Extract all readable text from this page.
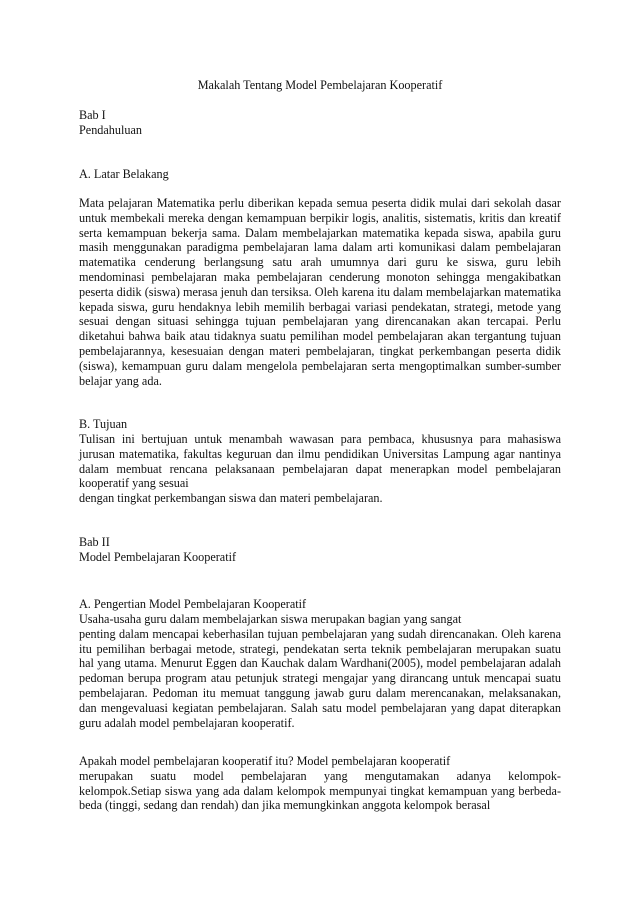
Makalah Tentang Model Pembelajaran Kooperatif
Bab I
Pendahuluan
A. Latar Belakang

Mata pelajaran Matematika perlu diberikan kepada semua peserta didik mulai dari sekolah dasar untuk membekali mereka dengan kemampuan berpikir logis, analitis, sistematis, kritis dan kreatif serta kemampuan bekerja sama. Dalam membelajarkan matematika kepada siswa, apabila guru masih menggunakan paradigma pembelajaran lama dalam arti komunikasi dalam pembelajaran matematika cenderung berlangsung satu arah umumnya dari guru ke siswa, guru lebih mendominasi pembelajaran maka pembelajaran cenderung monoton sehingga mengakibatkan peserta didik (siswa) merasa jenuh dan tersiksa. Oleh karena itu dalam membelajarkan matematika kepada siswa, guru hendaknya lebih memilih berbagai variasi pendekatan, strategi, metode yang sesuai dengan situasi sehingga tujuan pembelajaran yang direncanakan akan tercapai. Perlu diketahui bahwa baik atau tidaknya suatu pemilihan model pembelajaran akan tergantung tujuan pembelajarannya, kesesuaian dengan materi pembelajaran, tingkat perkembangan peserta didik (siswa), kemampuan guru dalam mengelola pembelajaran serta mengoptimalkan sumber-sumber belajar yang ada.

B. Tujuan

Tulisan ini bertujuan untuk menambah wawasan para pembaca, khususnya para mahasiswa jurusan matematika, fakultas keguruan dan ilmu pendidikan Universitas Lampung agar nantinya dalam membuat rencana pelaksanaan pembelajaran dapat menerapkan model pembelajaran kooperatif yang sesuai

dengan tingkat perkembangan siswa dan materi pembelajaran.
Bab II
Model Pembelajaran Kooperatif
A. Pengertian Model Pembelajaran Kooperatif
Usaha-usaha guru dalam membelajarkan siswa merupakan bagian yang sangat

penting dalam mencapai keberhasilan tujuan pembelajaran yang sudah direncanakan. Oleh karena itu pemilihan berbagai metode, strategi, pendekatan serta teknik pembelajaran merupakan suatu hal yang utama. Menurut Eggen dan Kauchak dalam Wardhani(2005), model pembelajaran adalah pedoman berupa program atau petunjuk strategi mengajar yang dirancang untuk mencapai suatu pembelajaran. Pedoman itu memuat tanggung jawab guru dalam merencanakan, melaksanakan, dan mengevaluasi kegiatan pembelajaran. Salah satu model pembelajaran yang dapat diterapkan guru adalah model pembelajaran kooperatif.

Apakah model pembelajaran kooperatif itu? Model pembelajaran kooperatif
merupakan suatu model pembelajaran yang mengutamakan adanya kelompok-

kelompok.Setiap siswa yang ada dalam kelompok mempunyai tingkat kemampuan yang berbeda-beda (tinggi, sedang dan rendah) dan jika memungkinkan anggota kelompok berasal
